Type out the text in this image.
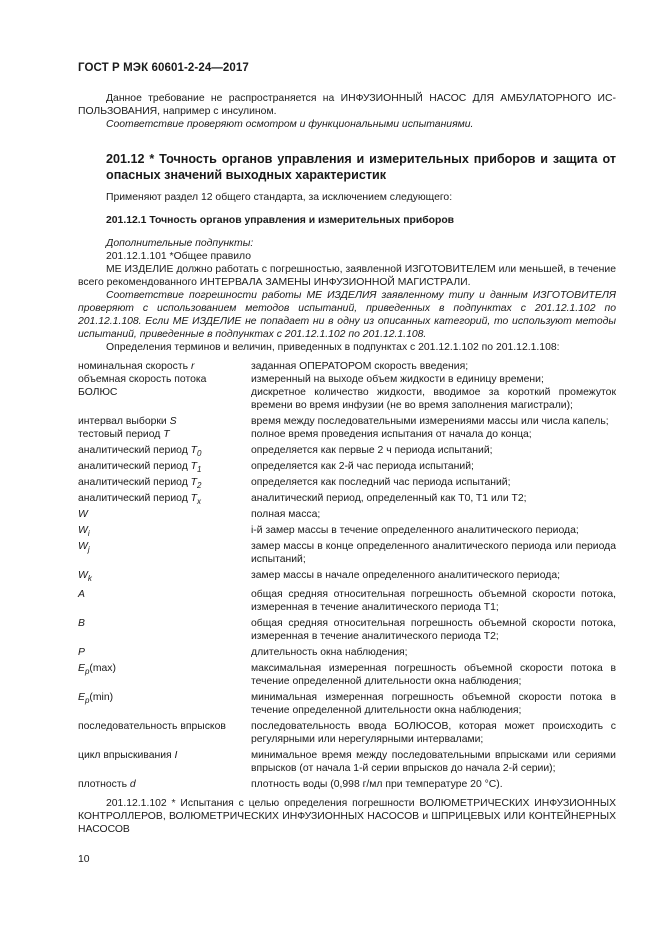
ГОСТ Р МЭК 60601-2-24—2017

Данное требование не распространяется на ИНФУЗИОННЫЙ НАСОС ДЛЯ АМБУЛАТОРНОГО ИСПОЛЬЗОВАНИЯ, например с инсулином.

Соответствие проверяют осмотром и функциональными испытаниями.

201.12 * Точность органов управления и измерительных приборов и защита от опасных значений выходных характеристик

Применяют раздел 12 общего стандарта, за исключением следующего:

201.12.1 Точность органов управления и измерительных приборов

Дополнительные подпункты:

201.12.1.101 *Общее правило

МЕ ИЗДЕЛИЕ должно работать с погрешностью, заявленной ИЗГОТОВИТЕЛЕМ или меньшей, в течение всего рекомендованного ИНТЕРВАЛА ЗАМЕНЫ ИНФУЗИОННОЙ МАГИСТРАЛИ.

Соответствие погрешности работы МЕ ИЗДЕЛИЯ заявленному типу и данным ИЗГОТОВИТЕЛЯ проверяют с использованием методов испытаний, приведенных в подпунктах с 201.12.1.102 по 201.12.1.108. Если МЕ ИЗДЕЛИЕ не попадает ни в одну из описанных категорий, то используют методы испытаний, приведенные в подпунктах с 201.12.1.102 по 201.12.1.108.

Определения терминов и величин, приведенных в подпунктах с 201.12.1.102 по 201.12.1.108:

номинальная скорость r	заданная ОПЕРАТОРОМ скорость введения;
объемная скорость потока	измеренный на выходе объем жидкости в единицу времени;
БОЛЮС	дискретное количество жидкости, вводимое за короткий промежуток времени во время инфузии (не во время заполнения магистрали);
интервал выборки S	время между последовательными измерениями массы или числа капель;
тестовый период T	полное время проведения испытания от начала до конца;
аналитический период $T_0$	определяется как первые 2 ч периода испытаний;
аналитический период $T_1$	определяется как 2-й час периода испытаний;
аналитический период $T_2$	определяется как последний час периода испытаний;
аналитический период $T_x$	аналитический период, определенный как T0, T1 или T2;
W	полная масса;
$W_i$	i-й замер массы в течение определенного аналитического периода;
$W_j$	замер массы в конце определенного аналитического периода или периода испытаний;
$W_k$	замер массы в начале определенного аналитического периода;
A	общая средняя относительная погрешность объемной скорости потока, измеренная в течение аналитического периода T1;
B	общая средняя относительная погрешность объемной скорости потока, измеренная в течение аналитического периода T2;
P	длительность окна наблюдения;
$E_p(\max)$	максимальная измеренная погрешность объемной скорости потока в течение определенной длительности окна наблюдения;
$E_p(\min)$	минимальная измеренная погрешность объемной скорости потока в течение определенной длительности окна наблюдения;
последовательность впрысков	последовательность ввода БОЛЮСОВ, которая может происходить с регулярными или нерегулярными интервалами;
цикл впрыскивания I	минимальное время между последовательными впрысками или сериями впрысков (от начала 1-й серии впрысков до начала 2-й серии);
плотность d	плотность воды (0,998 г/мл при температуре 20 °С).

201.12.1.102 * Испытания с целью определения погрешности ВОЛЮМЕТРИЧЕСКИХ ИНФУЗИОННЫХ КОНТРОЛЛЕРОВ, ВОЛЮМЕТРИЧЕСКИХ ИНФУЗИОННЫХ НАСОСОВ и ШПРИЦЕВЫХ ИЛИ КОНТЕЙНЕРНЫХ НАСОСОВ

10
